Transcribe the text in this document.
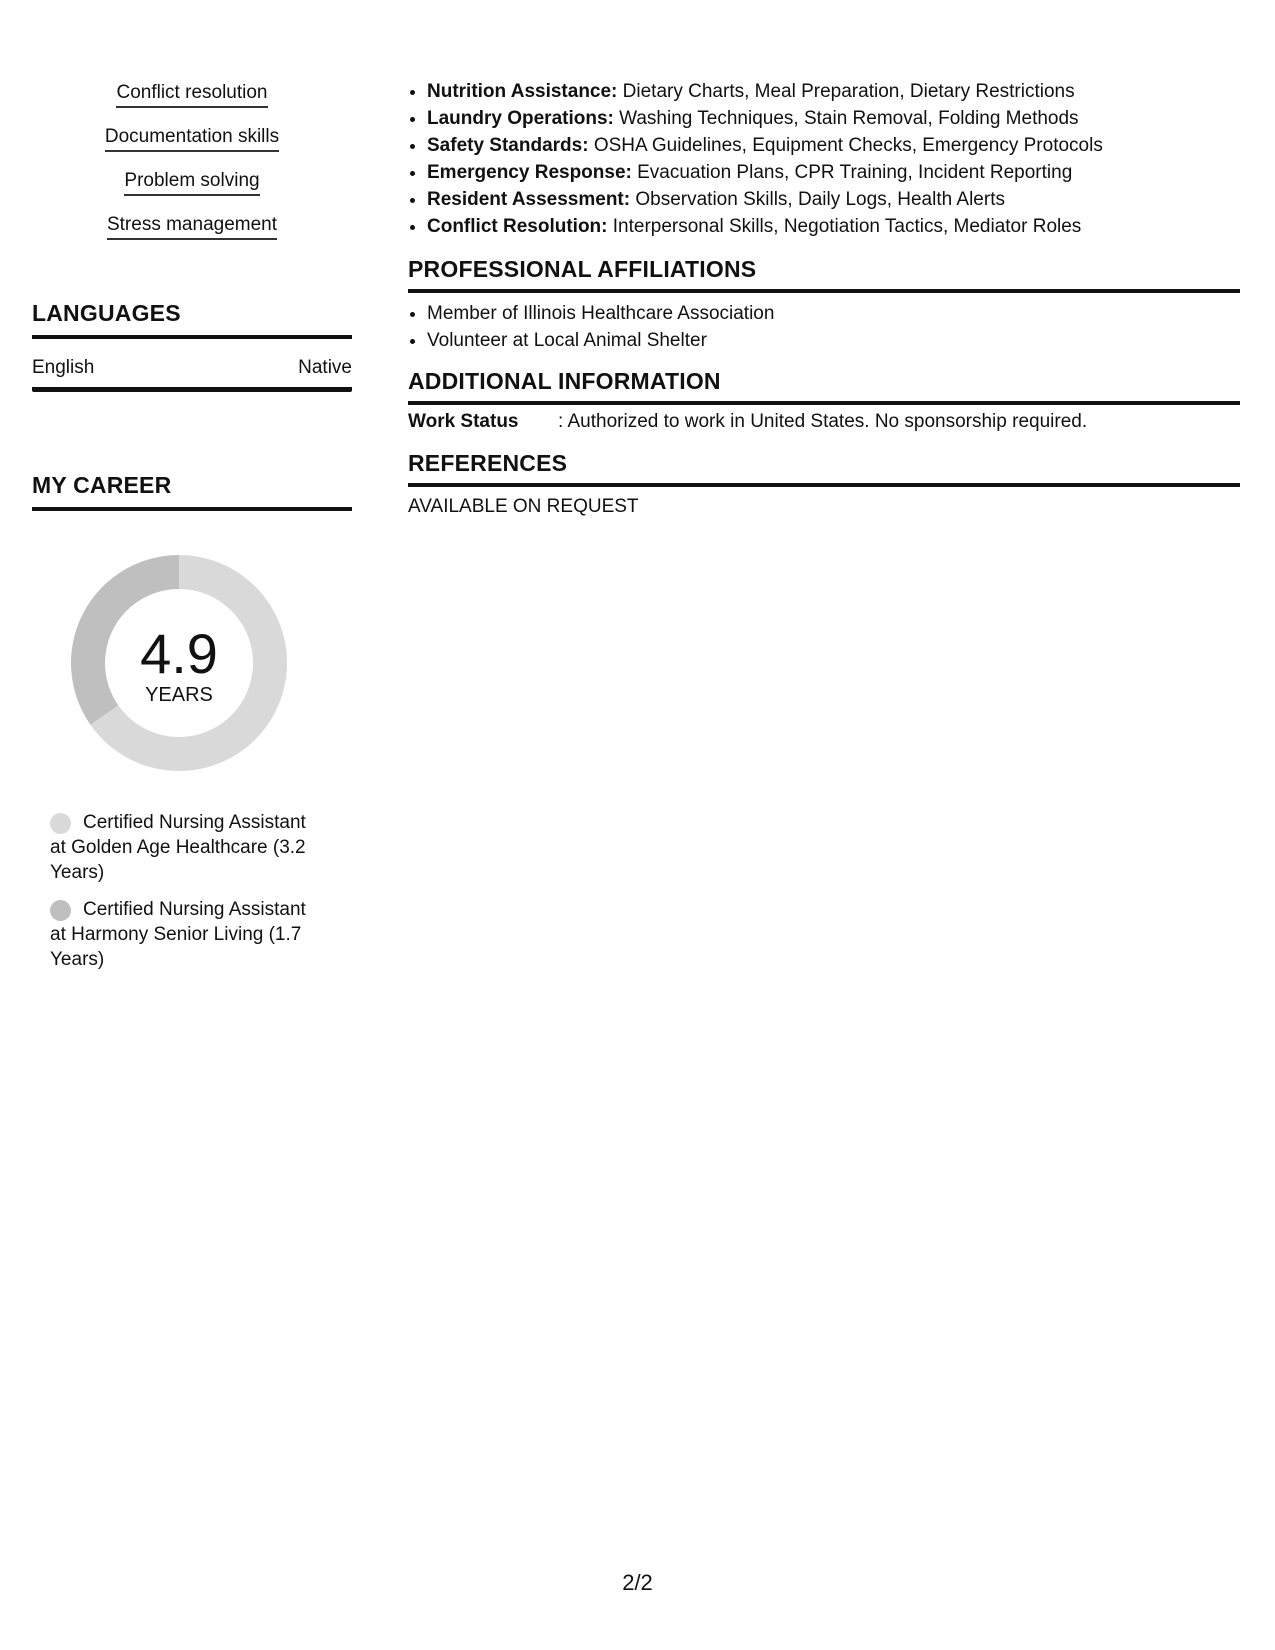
Conflict resolution
Documentation skills
Problem solving
Stress management
LANGUAGES
English	Native
MY CAREER
4.9
YEARS
Certified Nursing Assistant at Golden Age Healthcare (3.2 Years)
Certified Nursing Assistant at Harmony Senior Living (1.7 Years)
• Nutrition Assistance: Dietary Charts, Meal Preparation, Dietary Restrictions
• Laundry Operations: Washing Techniques, Stain Removal, Folding Methods
• Safety Standards: OSHA Guidelines, Equipment Checks, Emergency Protocols
• Emergency Response: Evacuation Plans, CPR Training, Incident Reporting
• Resident Assessment: Observation Skills, Daily Logs, Health Alerts
• Conflict Resolution: Interpersonal Skills, Negotiation Tactics, Mediator Roles
PROFESSIONAL AFFILIATIONS
• Member of Illinois Healthcare Association
• Volunteer at Local Animal Shelter
ADDITIONAL INFORMATION
Work Status : Authorized to work in United States. No sponsorship required.
REFERENCES
AVAILABLE ON REQUEST
2/2
